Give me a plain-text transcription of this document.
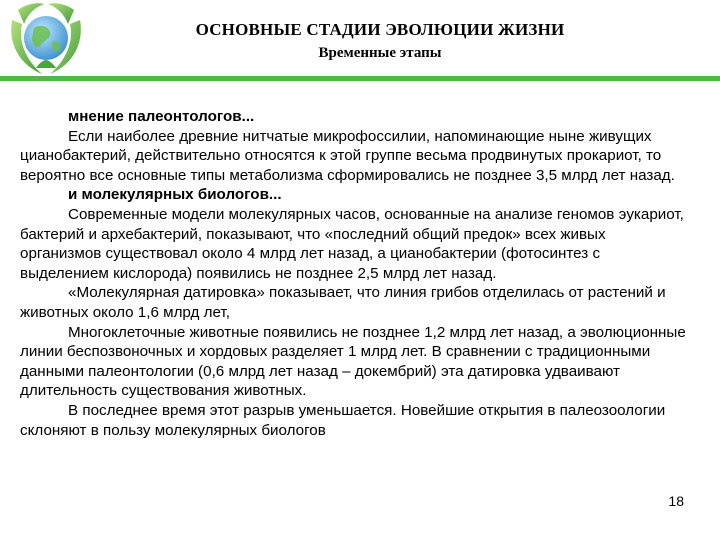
ОСНОВНЫЕ СТАДИИ ЭВОЛЮЦИИ ЖИЗНИ
Временные этапы

мнение палеонтологов...

Если наиболее древние нитчатые микрофоссилии, напоминающие ныне живущих цианобактерий, действительно относятся к этой группе весьма продвинутых прокариот, то вероятно все основные типы метаболизма сформировались не позднее 3,5 млрд лет назад.

и молекулярных биологов...

Современные модели молекулярных часов, основанные на анализе геномов эукариот, бактерий и архебактерий, показывают, что «последний общий предок» всех живых организмов существовал около 4 млрд лет назад, а цианобактерии (фотосинтез с выделением кислорода) появились не позднее 2,5 млрд лет назад.

«Молекулярная датировка» показывает, что линия грибов отделилась от растений и животных около 1,6 млрд лет,

Многоклеточные животные появились не позднее 1,2 млрд лет назад, а эволюционные линии беспозвоночных и хордовых разделяет 1 млрд лет. В сравнении с традиционными данными палеонтологии (0,6 млрд лет назад – докембрий) эта датировка удваивают длительность существования животных.

В последнее время этот разрыв уменьшается. Новейшие открытия в палеозоологии склоняют в пользу молекулярных биологов

18
